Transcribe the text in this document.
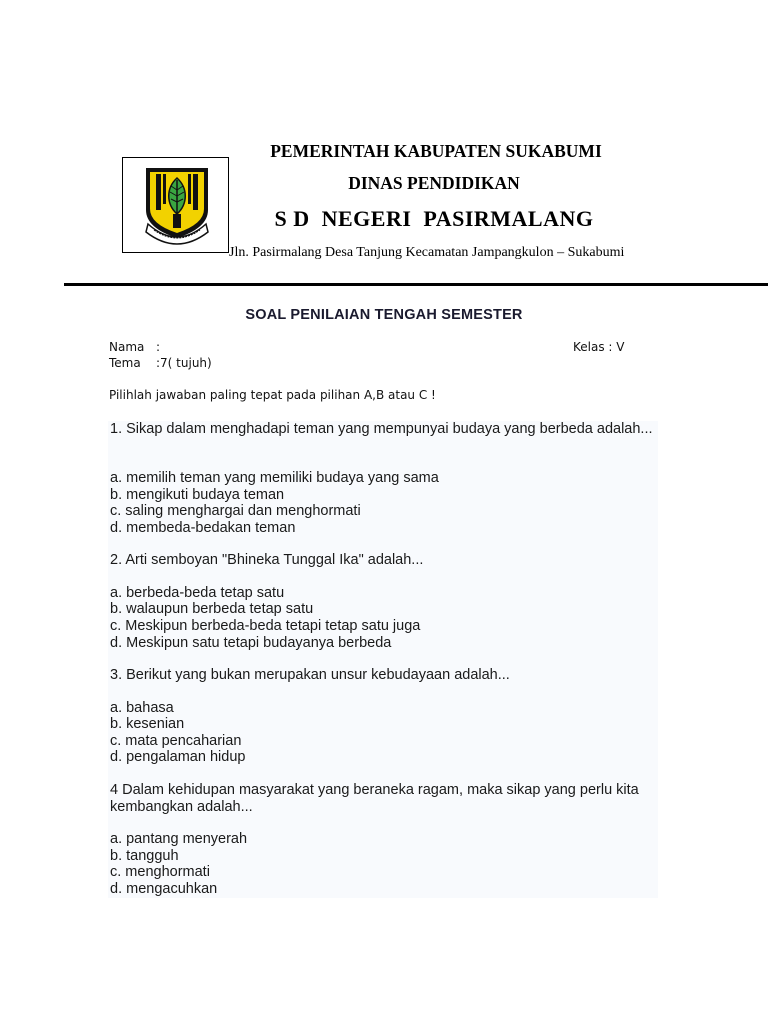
PEMERINTAH KABUPATEN SUKABUMI
DINAS PENDIDIKAN
S D  NEGERI  PASIRMALANG
Jln. Pasirmalang Desa Tanjung Kecamatan Jampangkulon – Sukabumi
SOAL PENILAIAN TENGAH SEMESTER
Nama :	Kelas : V
Tema :7( tujuh)
Pilihlah jawaban paling tepat pada pilihan A,B atau C !
1. Sikap dalam menghadapi teman yang mempunyai budaya yang berbeda adalah...
a. memilih teman yang memiliki budaya yang sama
b. mengikuti budaya teman
c. saling menghargai dan menghormati
d. membeda-bedakan teman
2. Arti semboyan "Bhineka Tunggal Ika" adalah...
a. berbeda-beda tetap satu
b. walaupun berbeda tetap satu
c. Meskipun berbeda-beda tetapi tetap satu juga
d. Meskipun satu tetapi budayanya berbeda
3. Berikut yang bukan merupakan unsur kebudayaan adalah...
a. bahasa
b. kesenian
c. mata pencaharian
d. pengalaman hidup
4 Dalam kehidupan masyarakat yang beraneka ragam, maka sikap yang perlu kita kembangkan adalah...
a. pantang menyerah
b. tangguh
c. menghormati
d. mengacuhkan
